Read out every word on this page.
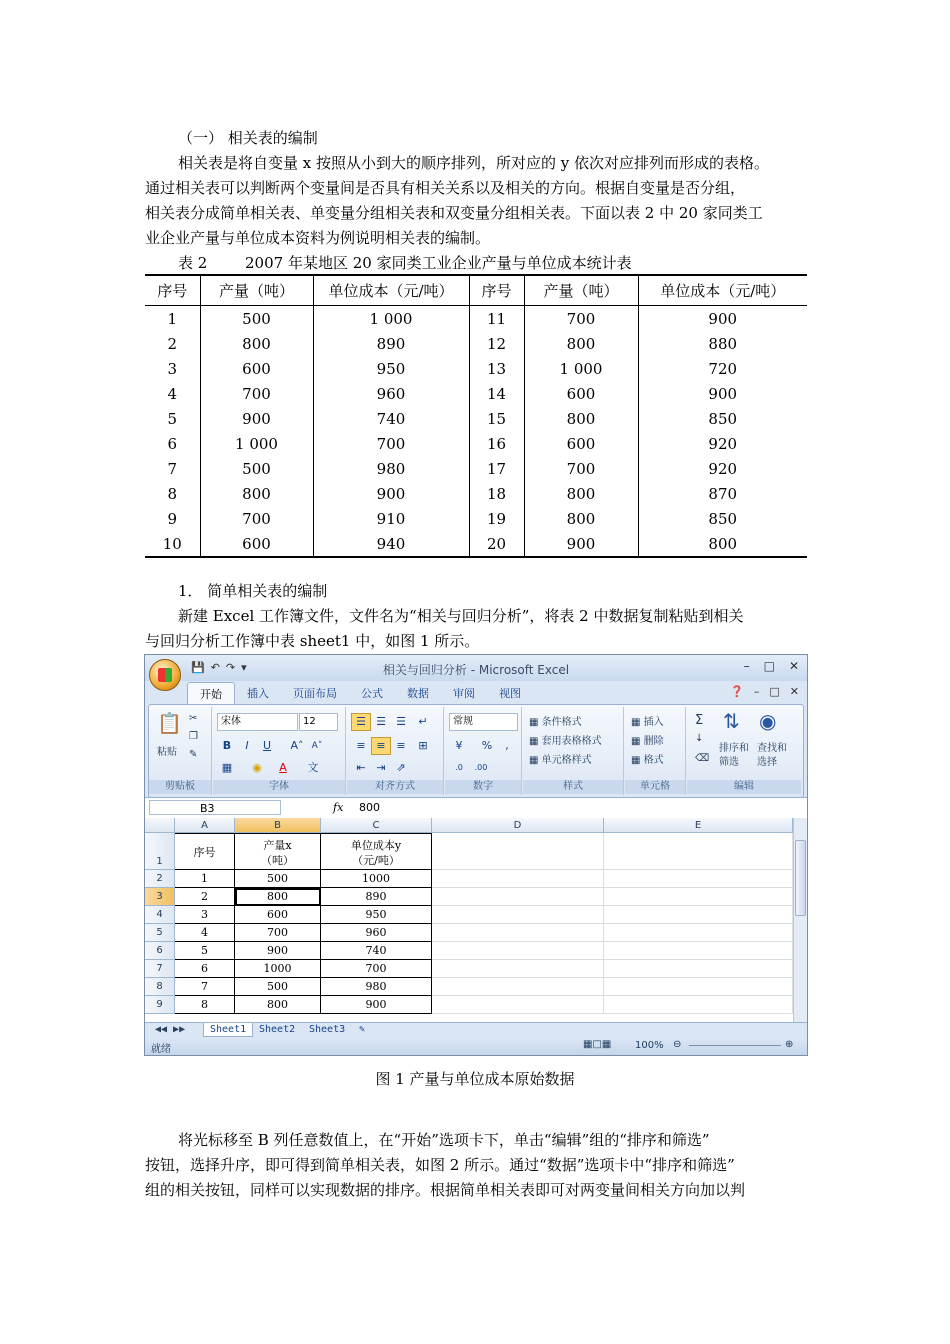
（一） 相关表的编制
相关表是将自变量 x 按照从小到大的顺序排列，所对应的 y 依次对应排列而形成的表格。
通过相关表可以判断两个变量间是否具有相关关系以及相关的方向。根据自变量是否分组，
相关表分成简单相关表、单变量分组相关表和双变量分组相关表。下面以表 2 中 20 家同类工
业企业产量与单位成本资料为例说明相关表的编制。
表 2	2007 年某地区 20 家同类工业企业产量与单位成本统计表
序号	产量（吨）	单位成本（元/吨）	序号	产量（吨）	单位成本（元/吨）
1	500	1 000	11	700	900
2	800	890	12	800	880
3	600	950	13	1 000	720
4	700	960	14	600	900
5	900	740	15	800	850
6	1 000	700	16	600	920
7	500	980	17	700	920
8	800	900	18	800	870
9	700	910	19	800	850
10	600	940	20	900	800
1． 简单相关表的编制
新建 Excel 工作簿文件，文件名为“相关与回归分析”，将表 2 中数据复制粘贴到相关
与回归分析工作簿中表 sheet1 中，如图 1 所示。
💾 ↶ ↷ ▾	相关与回归分析 - Microsoft Excel	– □ ✕
开始	插入	页面布局	公式	数据	审阅	视图	❓ – □ ✕
📋
粘贴
✂
❐
✎
剪贴板
宋体	12
B	I	U	A˄ A˅
▦	◉	A	文
字体
☰ ☰ ☰	↵
≡ ≡ ≡	⊞
⇤ ⇥ ⇗
对齐方式
常规
¥	%	,
.0	.00
数字
▦ 条件格式
▦ 套用表格格式
▦ 单元格样式
样式
▦ 插入
▦ 删除
▦ 格式
单元格
Σ
↓
⌫
⇅
排序和
筛选
◉
查找和
选择
编辑
B3	fx 800
A	B	C	D	E
1
2
3
4
5
6
7
8
9
序号
产量x
（吨）
单位成本y
（元/吨）
1	500	1000
2	800	890
3	600	950
4	700	960
5	900	740
6	1000	700
7	500	980
8	800	900
◀◀ ▶▶	Sheet1	Sheet2	Sheet3	✎
就绪	▦□▦ 100% ⊖	⊕
图 1 产量与单位成本原始数据
将光标移至 B 列任意数值上，在“开始”选项卡下，单击“编辑”组的“排序和筛选”
按钮，选择升序，即可得到简单相关表，如图 2 所示。通过“数据”选项卡中“排序和筛选”
组的相关按钮，同样可以实现数据的排序。根据简单相关表即可对两变量间相关方向加以判
